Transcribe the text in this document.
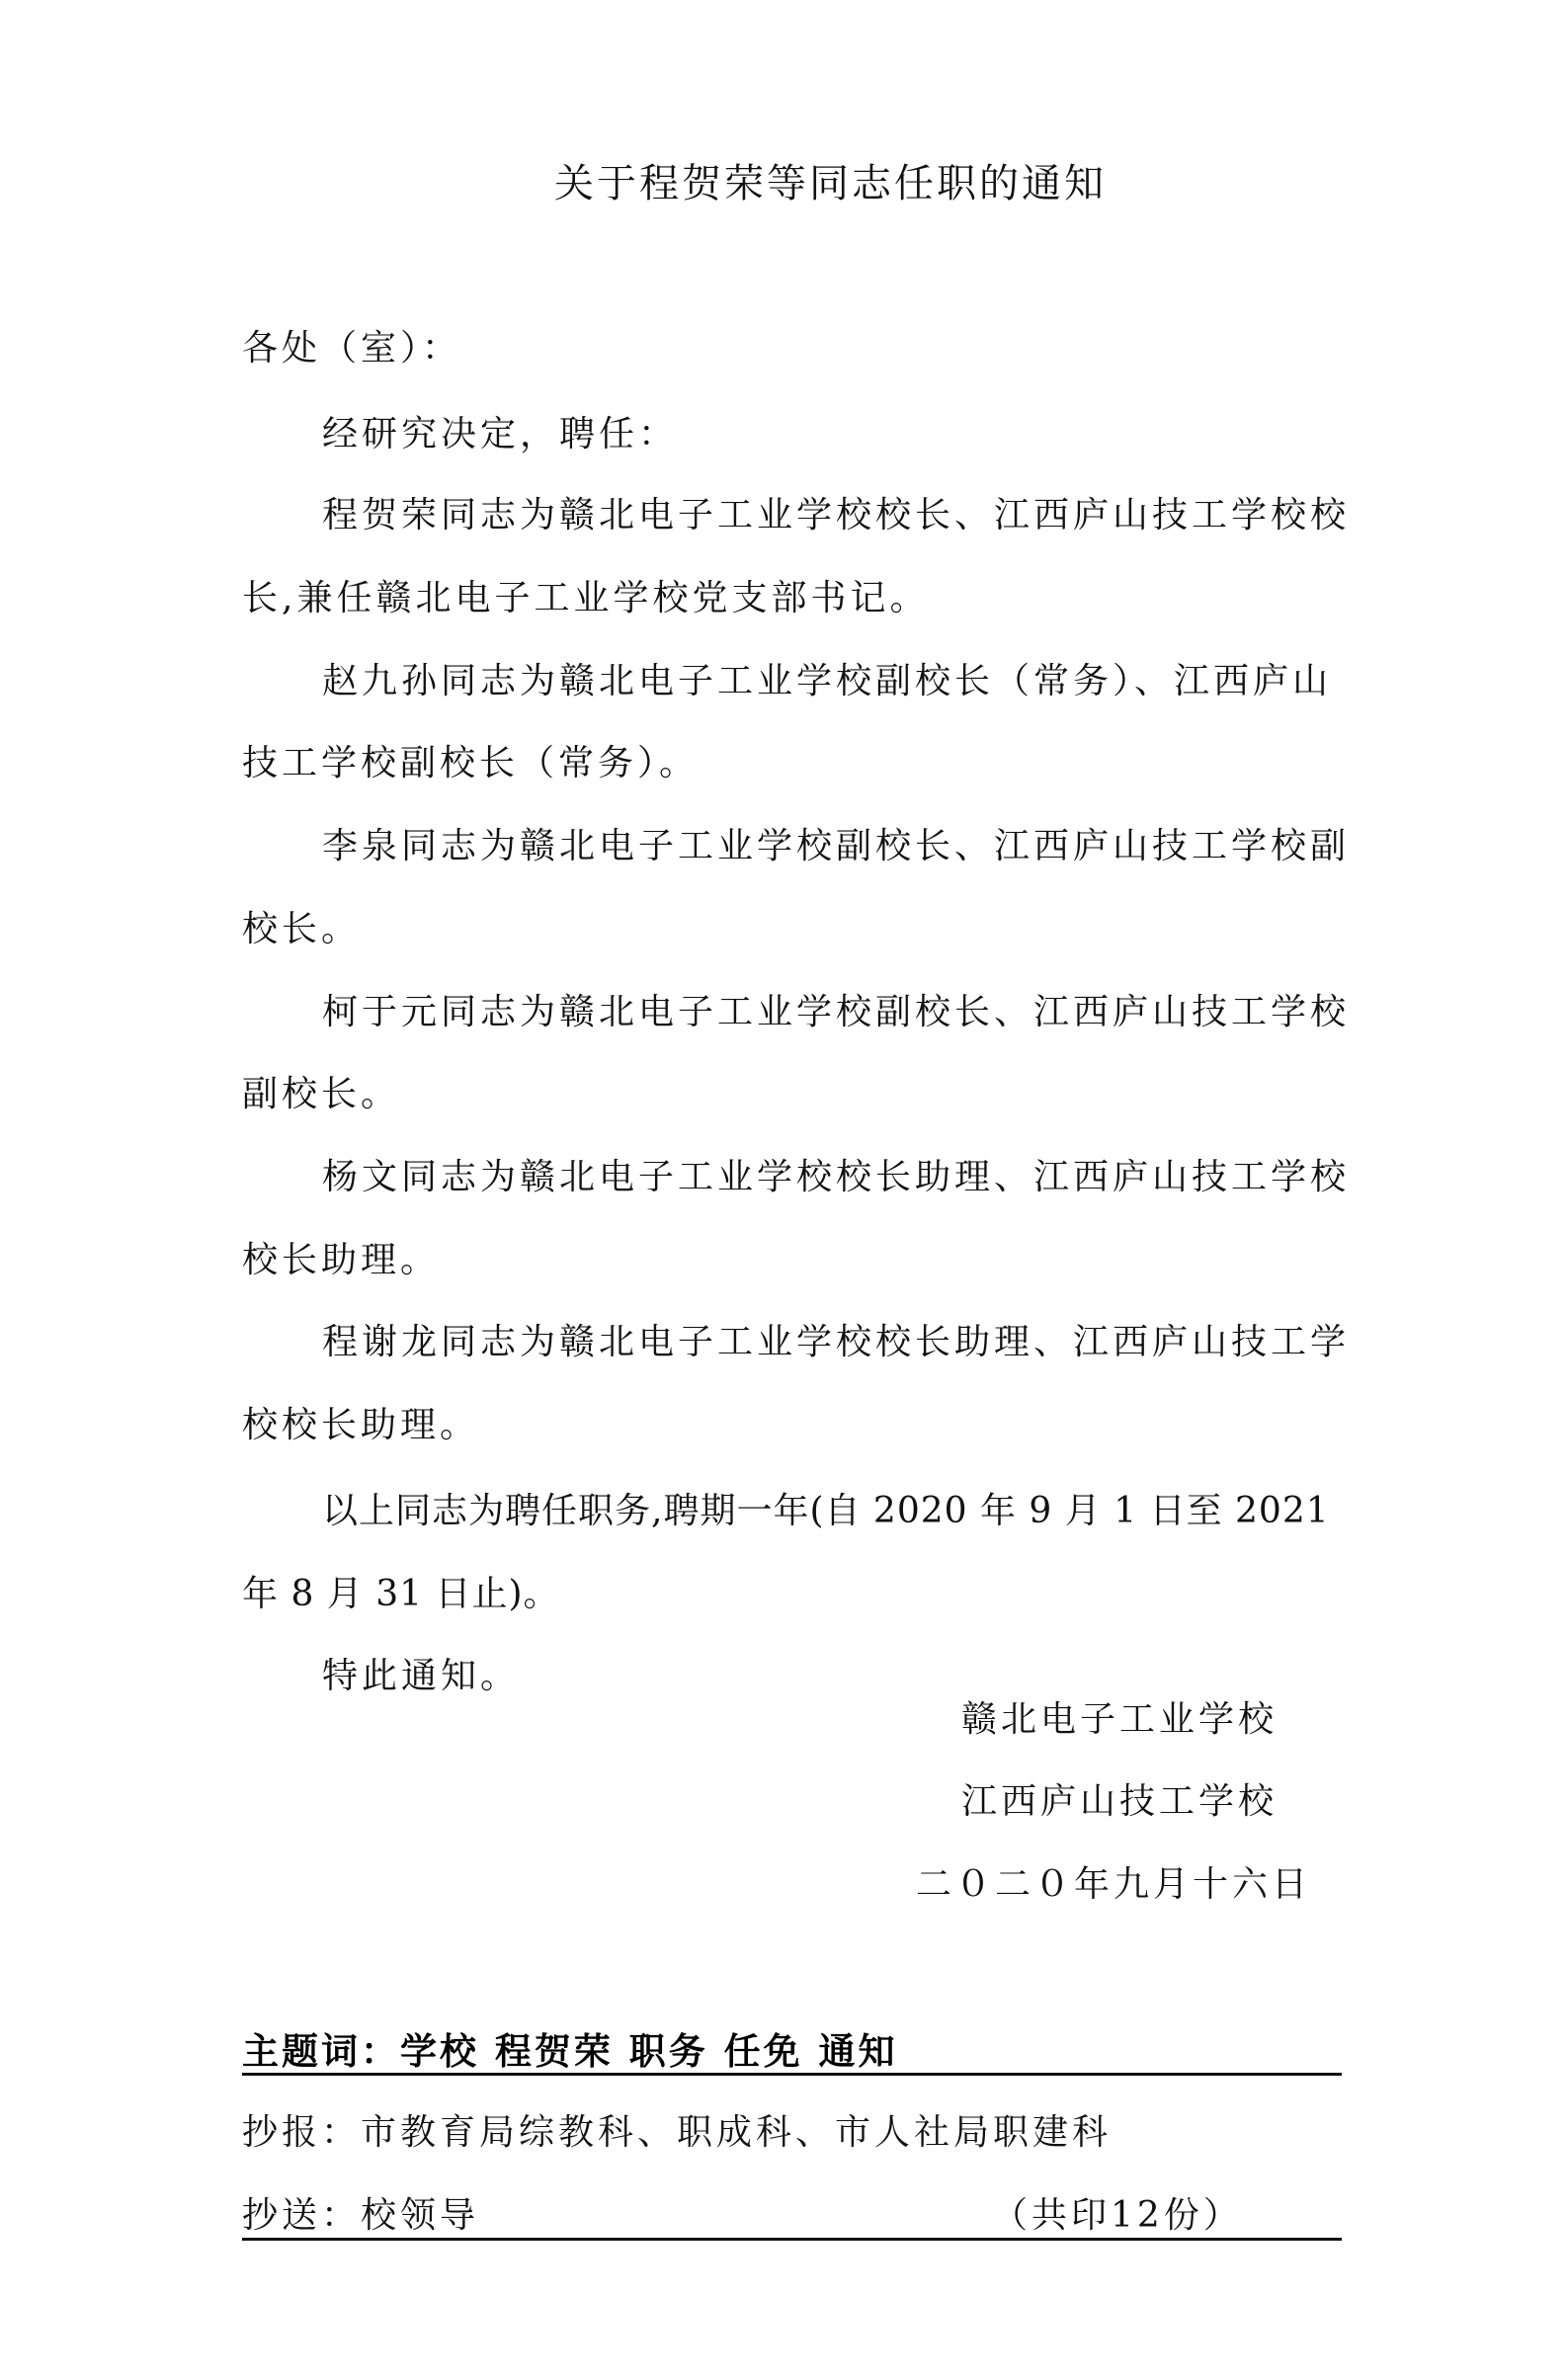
关于程贺荣等同志任职的通知
各处（室）：
经研究决定，聘任：
程贺荣同志为赣北电子工业学校校长、江西庐山技工学校校
长,兼任赣北电子工业学校党支部书记。
赵九孙同志为赣北电子工业学校副校长（常务）、江西庐山
技工学校副校长（常务）。
李泉同志为赣北电子工业学校副校长、江西庐山技工学校副
校长。
柯于元同志为赣北电子工业学校副校长、江西庐山技工学校
副校长。
杨文同志为赣北电子工业学校校长助理、江西庐山技工学校
校长助理。
程谢龙同志为赣北电子工业学校校长助理、江西庐山技工学
校校长助理。
以上同志为聘任职务,聘期一年(自 2020 年 9 月 1 日至 2021
年 8 月 31 日止)。
特此通知。
赣北电子工业学校
江西庐山技工学校
二０二０年九月十六日
主题词：学校 程贺荣 职务 任免 通知
抄报：市教育局综教科、职成科、市人社局职建科
抄送：校领导	（共印12份）
